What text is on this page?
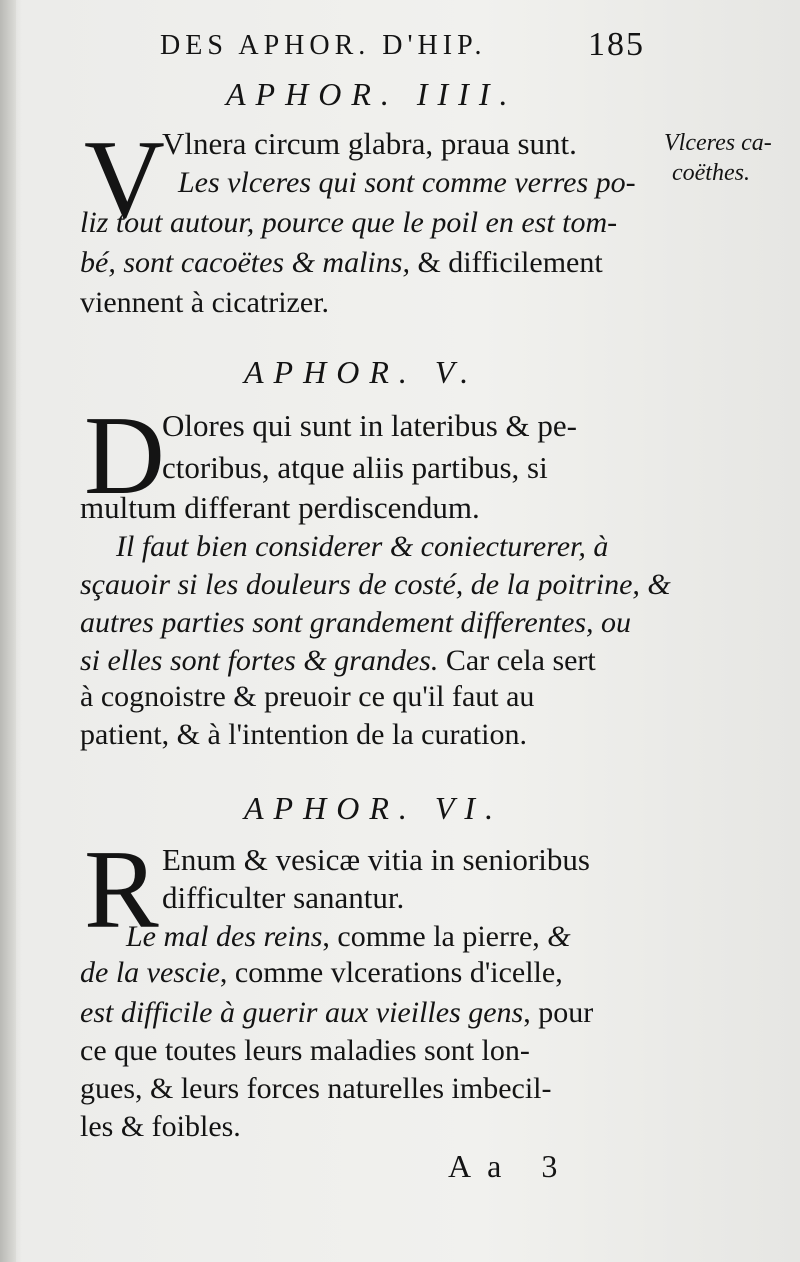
DES APHOR. D'HIP.	185
Vlceres ca-
coëthes.
APHOR. IIII.
V
Vlnera circum glabra, praua sunt.
Les vlceres qui sont comme verres po-
liz tout autour, pource que le poil en est tom-
bé, sont cacoëtes & malins, & difficilement
viennent à cicatrizer.
APHOR. V.
D
Olores qui sunt in lateribus & pe-
ctoribus, atque aliis partibus, si
multum differant perdiscendum.
Il faut bien considerer & coniecturerer, à
sçauoir si les douleurs de costé, de la poitrine, &
autres parties sont grandement differentes, ou
si elles sont fortes & grandes. Car cela sert
à cognoistre & preuoir ce qu'il faut au
patient, & à l'intention de la curation.
APHOR. VI.
R Enum & vesicæ vitia in senioribus
difficulter sanantur.
Le mal des reins, comme la pierre, &
de la vescie, comme vlcerations d'icelle,
est difficile à guerir aux vieilles gens, pour
ce que toutes leurs maladies sont lon-
gues, & leurs forces naturelles imbecil-
les & foibles.
Aa 3
